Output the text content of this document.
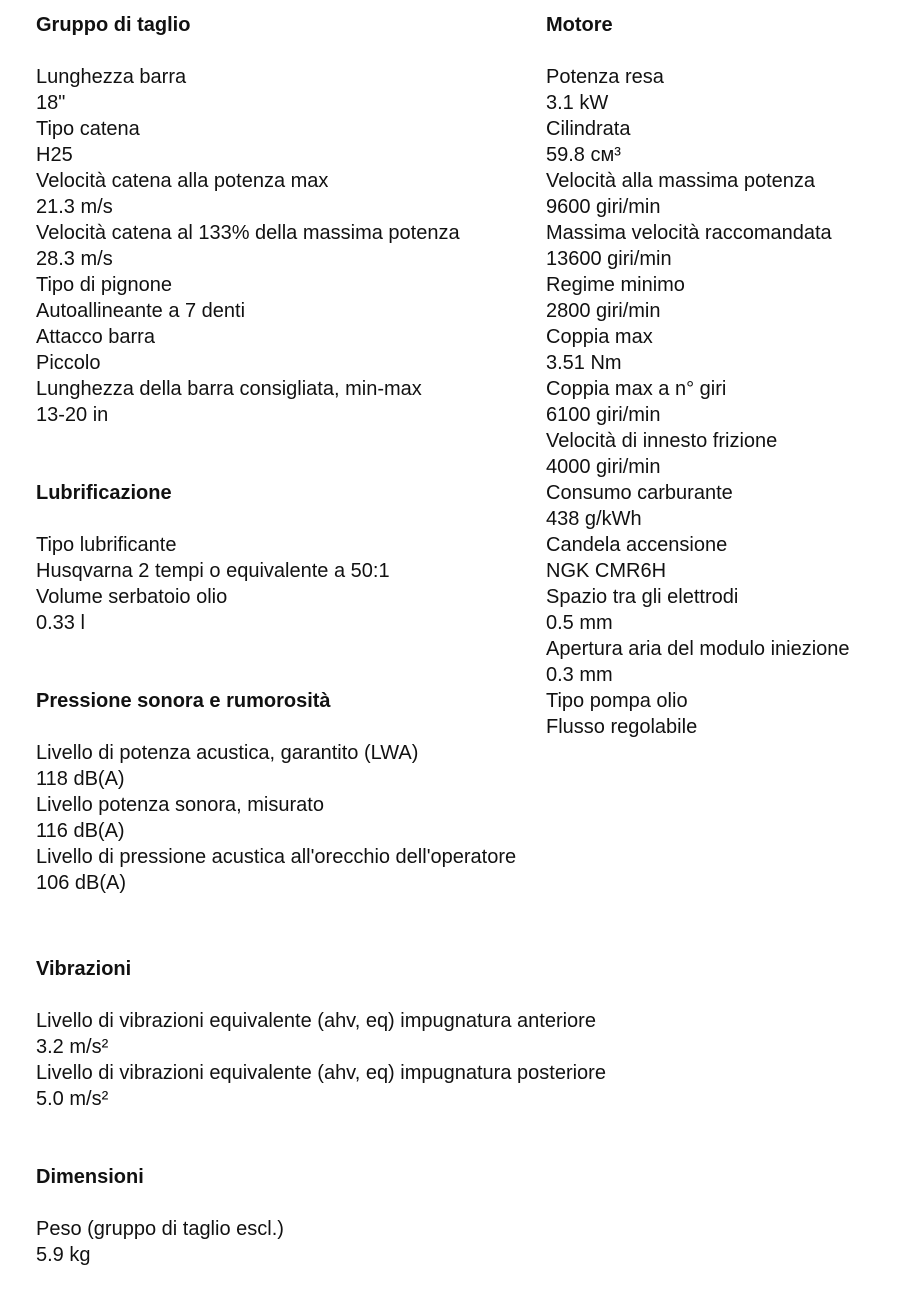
Gruppo di taglio
Lunghezza barra
18"
Tipo catena
H25
Velocità catena alla potenza max
21.3 m/s
Velocità catena al 133% della massima potenza
28.3 m/s
Tipo di pignone
Autoallineante a 7 denti
Attacco barra
Piccolo
Lunghezza della barra consigliata, min-max
13-20 in
Lubrificazione
Tipo lubrificante
Husqvarna 2 tempi o equivalente a 50:1
Volume serbatoio olio
0.33 l
Pressione sonora e rumorosità
Livello di potenza acustica, garantito (LWA)
118 dB(A)
Livello potenza sonora, misurato
116 dB(A)
Livello di pressione acustica all'orecchio dell'operatore
106 dB(A)
Vibrazioni
Livello di vibrazioni equivalente (ahv, eq) impugnatura anteriore
3.2 m/s²
Livello di vibrazioni equivalente (ahv, eq) impugnatura posteriore
5.0 m/s²
Dimensioni
Peso (gruppo di taglio escl.)
5.9 kg
Motore
Potenza resa
3.1 kW
Cilindrata
59.8 см³
Velocità alla massima potenza
9600 giri/min
Massima velocità raccomandata
13600 giri/min
Regime minimo
2800 giri/min
Coppia max
3.51 Nm
Coppia max a n° giri
6100 giri/min
Velocità di innesto frizione
4000 giri/min
Consumo carburante
438 g/kWh
Candela accensione
NGK CMR6H
Spazio tra gli elettrodi
0.5 mm
Apertura aria del modulo iniezione
0.3 mm
Tipo pompa olio
Flusso regolabile
